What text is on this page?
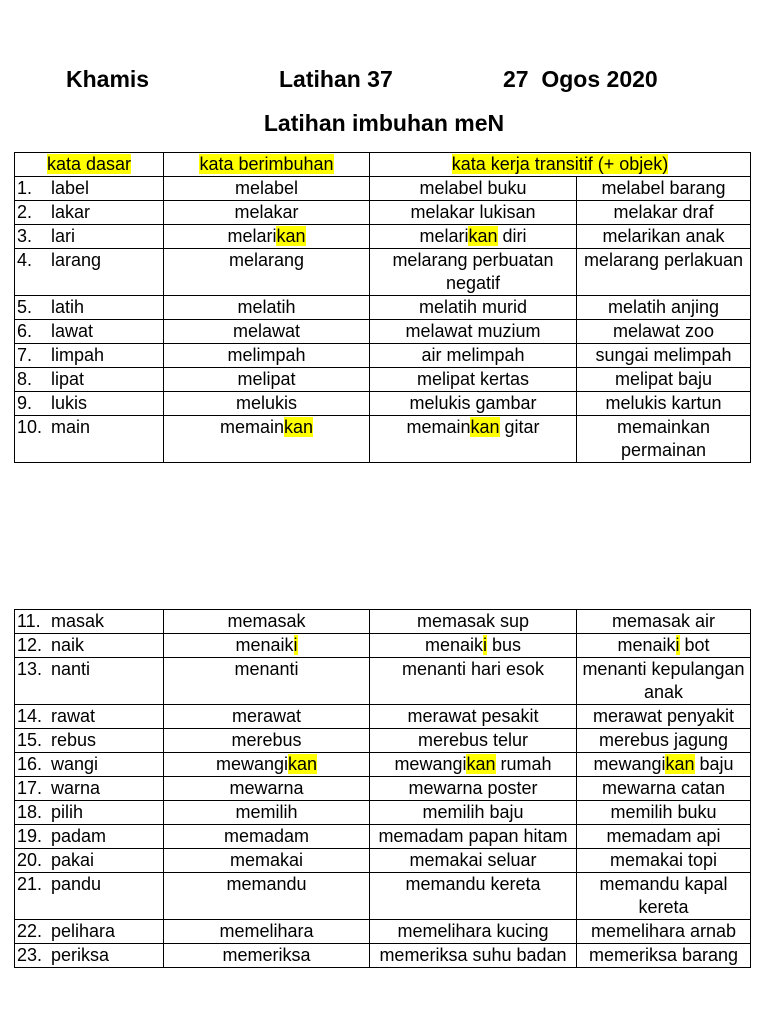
Khamis	Latihan 37	27  Ogos 2020
Latihan imbuhan meN
kata dasar	kata berimbuhan	kata kerja transitif (+ objek)	
1. label	melabel	melabel buku	melabel barang
2. lakar	melakar	melakar lukisan	melakar draf
3. lari	melarikan	melarikan diri	melarikan anak
4. larang	melarang	melarang perbuatan negatif	melarang perlakuan
5. latih	melatih	melatih murid	melatih anjing
6. lawat	melawat	melawat muzium	melawat zoo
7. limpah	melimpah	air melimpah	sungai melimpah
8. lipat	melipat	melipat kertas	melipat baju
9. lukis	melukis	melukis gambar	melukis kartun
10. main	memainkan	memainkan gitar	memainkan permainan
11. masak	memasak	memasak sup	memasak air
12. naik	menaiki	menaiki bus	menaiki bot
13. nanti	menanti	menanti hari esok	menanti kepulangan anak
14. rawat	merawat	merawat pesakit	merawat penyakit
15. rebus	merebus	merebus telur	merebus jagung
16. wangi	mewangikan	mewangikan rumah	mewangikan baju
17. warna	mewarna	mewarna poster	mewarna catan
18. pilih	memilih	memilih baju	memilih buku
19. padam	memadam	memadam papan hitam	memadam api
20. pakai	memakai	memakai seluar	memakai topi
21. pandu	memandu	memandu kereta	memandu kapal kereta
22. pelihara	memelihara	memelihara kucing	memelihara arnab
23. periksa	memeriksa	memeriksa suhu badan	memeriksa barang
